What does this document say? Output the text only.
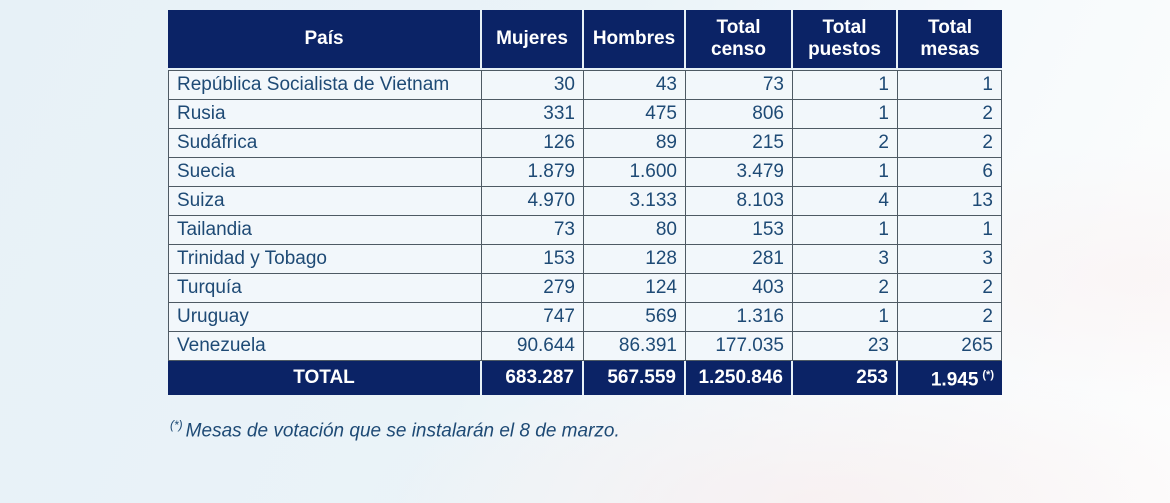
País	Mujeres	Hombres	Total censo	Total puestos	Total mesas
República Socialista de Vietnam	30	43	73	1	1
Rusia	331	475	806	1	2
Sudáfrica	126	89	215	2	2
Suecia	1.879	1.600	3.479	1	6
Suiza	4.970	3.133	8.103	4	13
Tailandia	73	80	153	1	1
Trinidad y Tobago	153	128	281	3	3
Turquía	279	124	403	2	2
Uruguay	747	569	1.316	1	2
Venezuela	90.644	86.391	177.035	23	265
TOTAL	683.287	567.559	1.250.846	253	1.945 (*)

(*) Mesas de votación que se instalarán el 8 de marzo.
